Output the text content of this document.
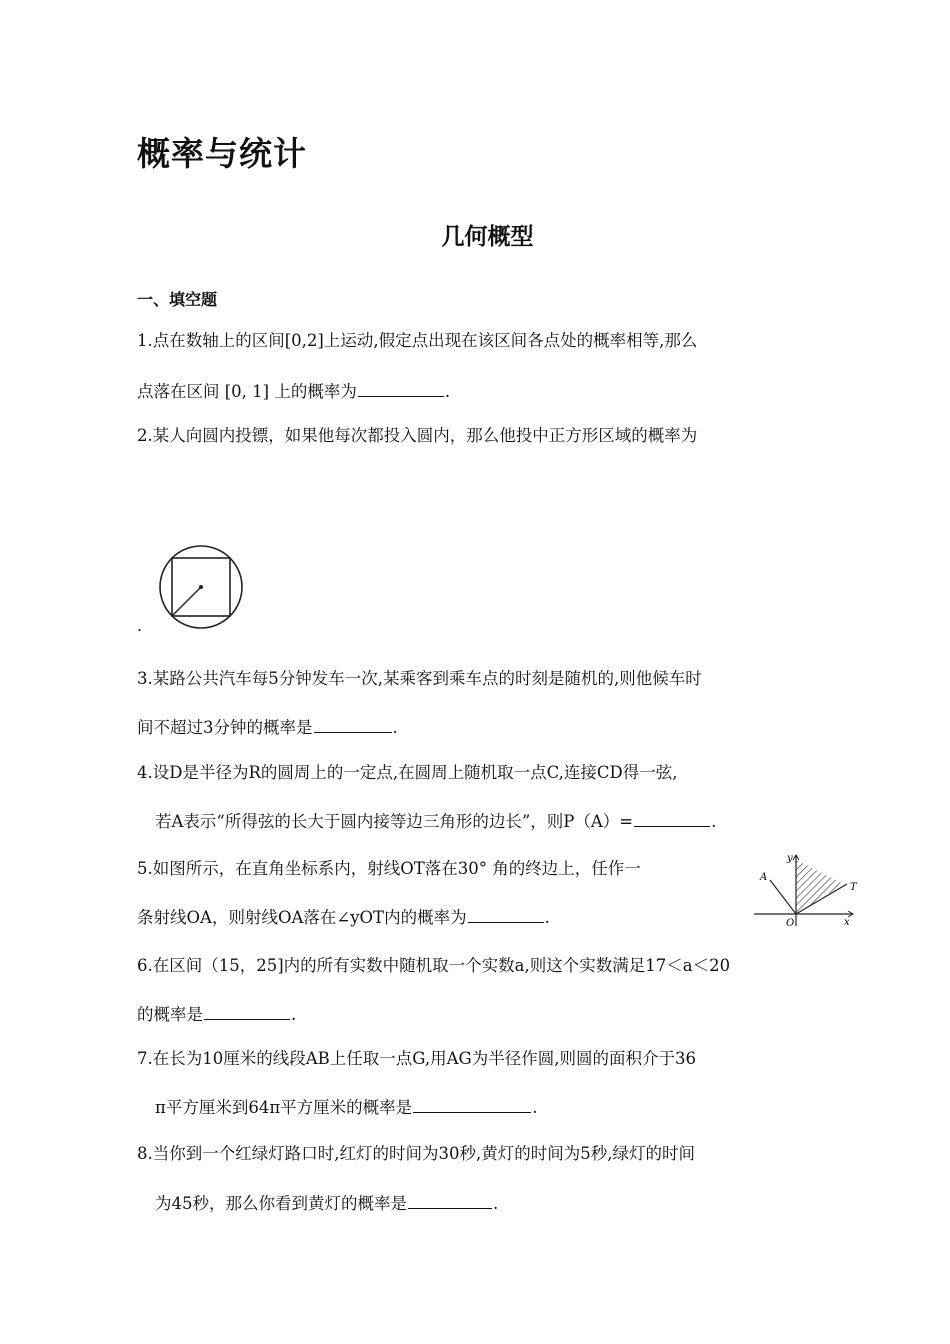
概率与统计
几何概型
一、填空题
1.点在数轴上的区间[0,2]上运动,假定点出现在该区间各点处的概率相等,那么
点落在区间 [0, 1] 上的概率为	.
2.某人向圆内投镖，如果他每次都投入圆内，那么他投中正方形区域的概率为
.
3.某路公共汽车每5分钟发车一次,某乘客到乘车点的时刻是随机的,则他候车时
间不超过3分钟的概率是	.
4.设D是半径为R的圆周上的一定点,在圆周上随机取一点C,连接CD得一弦,
若A表示“所得弦的长大于圆内接等边三角形的边长”，则P（A）=	.
5.如图所示，在直角坐标系内，射线OT落在30° 角的终边上，任作一
条射线OA，则射线OA落在∠yOT内的概率为	.
y
x
A
T
O
6.在区间（15，25]内的所有实数中随机取一个实数a,则这个实数满足17＜a＜20
的概率是	.
7.在长为10厘米的线段AB上任取一点G,用AG为半径作圆,则圆的面积介于36
π平方厘米到64π平方厘米的概率是	.
8.当你到一个红绿灯路口时,红灯的时间为30秒,黄灯的时间为5秒,绿灯的时间
为45秒，那么你看到黄灯的概率是	.
